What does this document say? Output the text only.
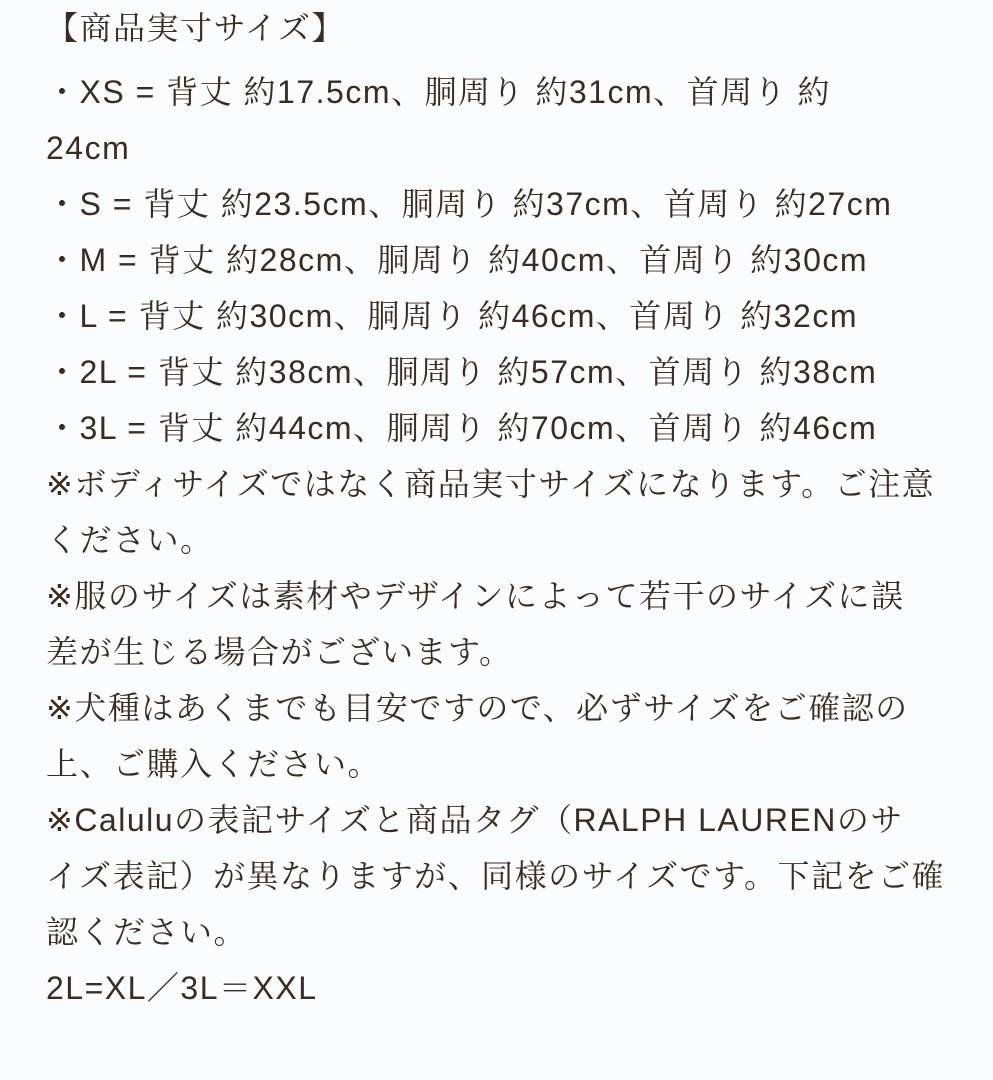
【商品実寸サイズ】

・XS = 背丈 約17.5cm、胴周り 約31cm、首周り 約
24cm

・S = 背丈 約23.5cm、胴周り 約37cm、首周り 約27cm

・M = 背丈 約28cm、胴周り 約40cm、首周り 約30cm

・L = 背丈 約30cm、胴周り 約46cm、首周り 約32cm

・2L = 背丈 約38cm、胴周り 約57cm、首周り 約38cm

・3L = 背丈 約44cm、胴周り 約70cm、首周り 約46cm

※ボディサイズではなく商品実寸サイズになります。ご注意
ください。

※服のサイズは素材やデザインによって若干のサイズに誤
差が生じる場合がございます。

※犬種はあくまでも目安ですので、必ずサイズをご確認の
上、ご購入ください。

※Caluluの表記サイズと商品タグ（RALPH LAURENのサ
イズ表記）が異なりますが、同様のサイズです。下記をご確
認ください。

2L=XL／3L＝XXL
